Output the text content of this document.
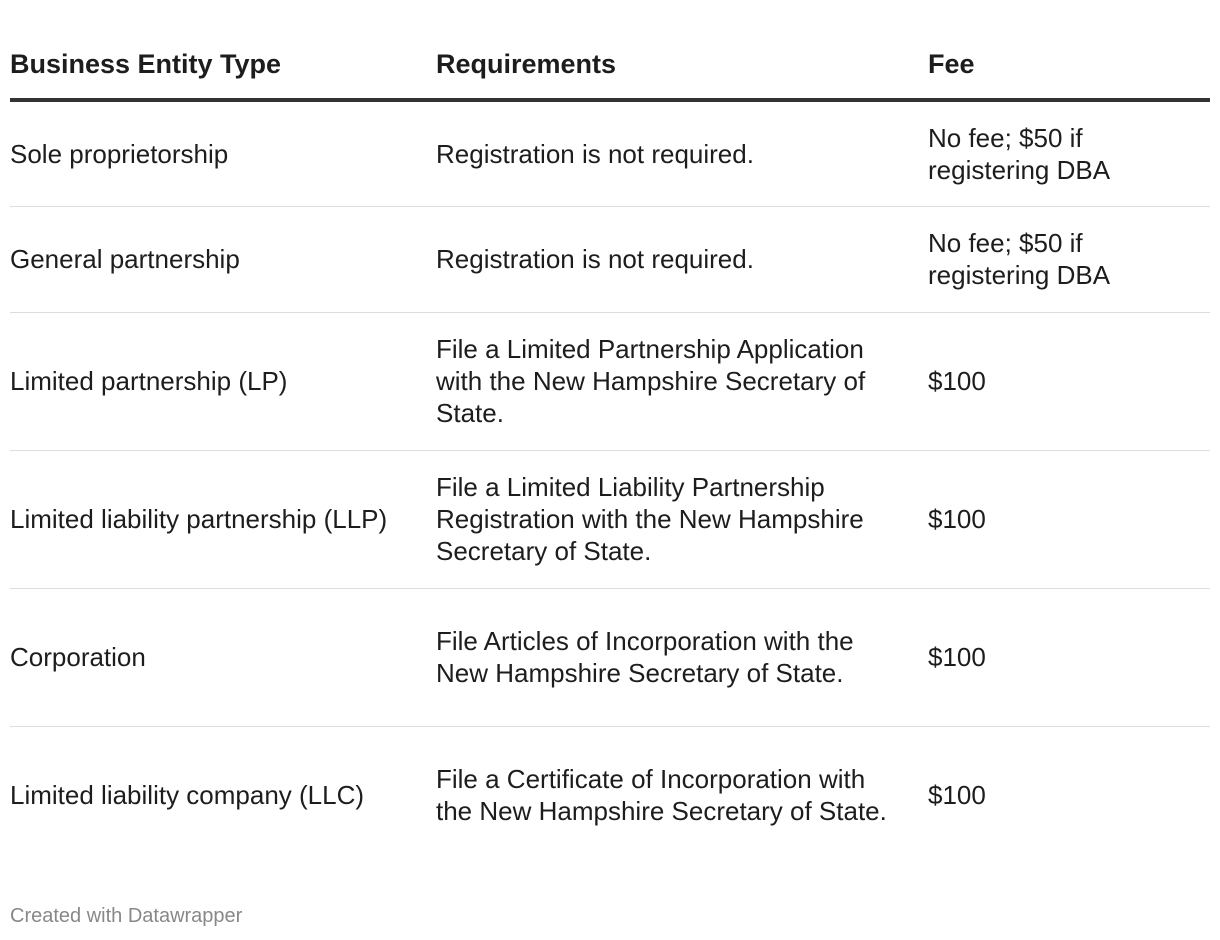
Business Entity Type	Requirements	Fee

Sole proprietorship	Registration is not required.	No fee; $50 if registering DBA

General partnership	Registration is not required.	No fee; $50 if registering DBA

Limited partnership (LP)	File a Limited Partnership Application with the New Hampshire Secretary of State.	$100

Limited liability partnership (LLP)	File a Limited Liability Partnership Registration with the New Hampshire Secretary of State.	$100

Corporation	File Articles of Incorporation with the New Hampshire Secretary of State.	$100

Limited liability company (LLC)	File a Certificate of Incorporation with the New Hampshire Secretary of State.	$100
Created with Datawrapper
